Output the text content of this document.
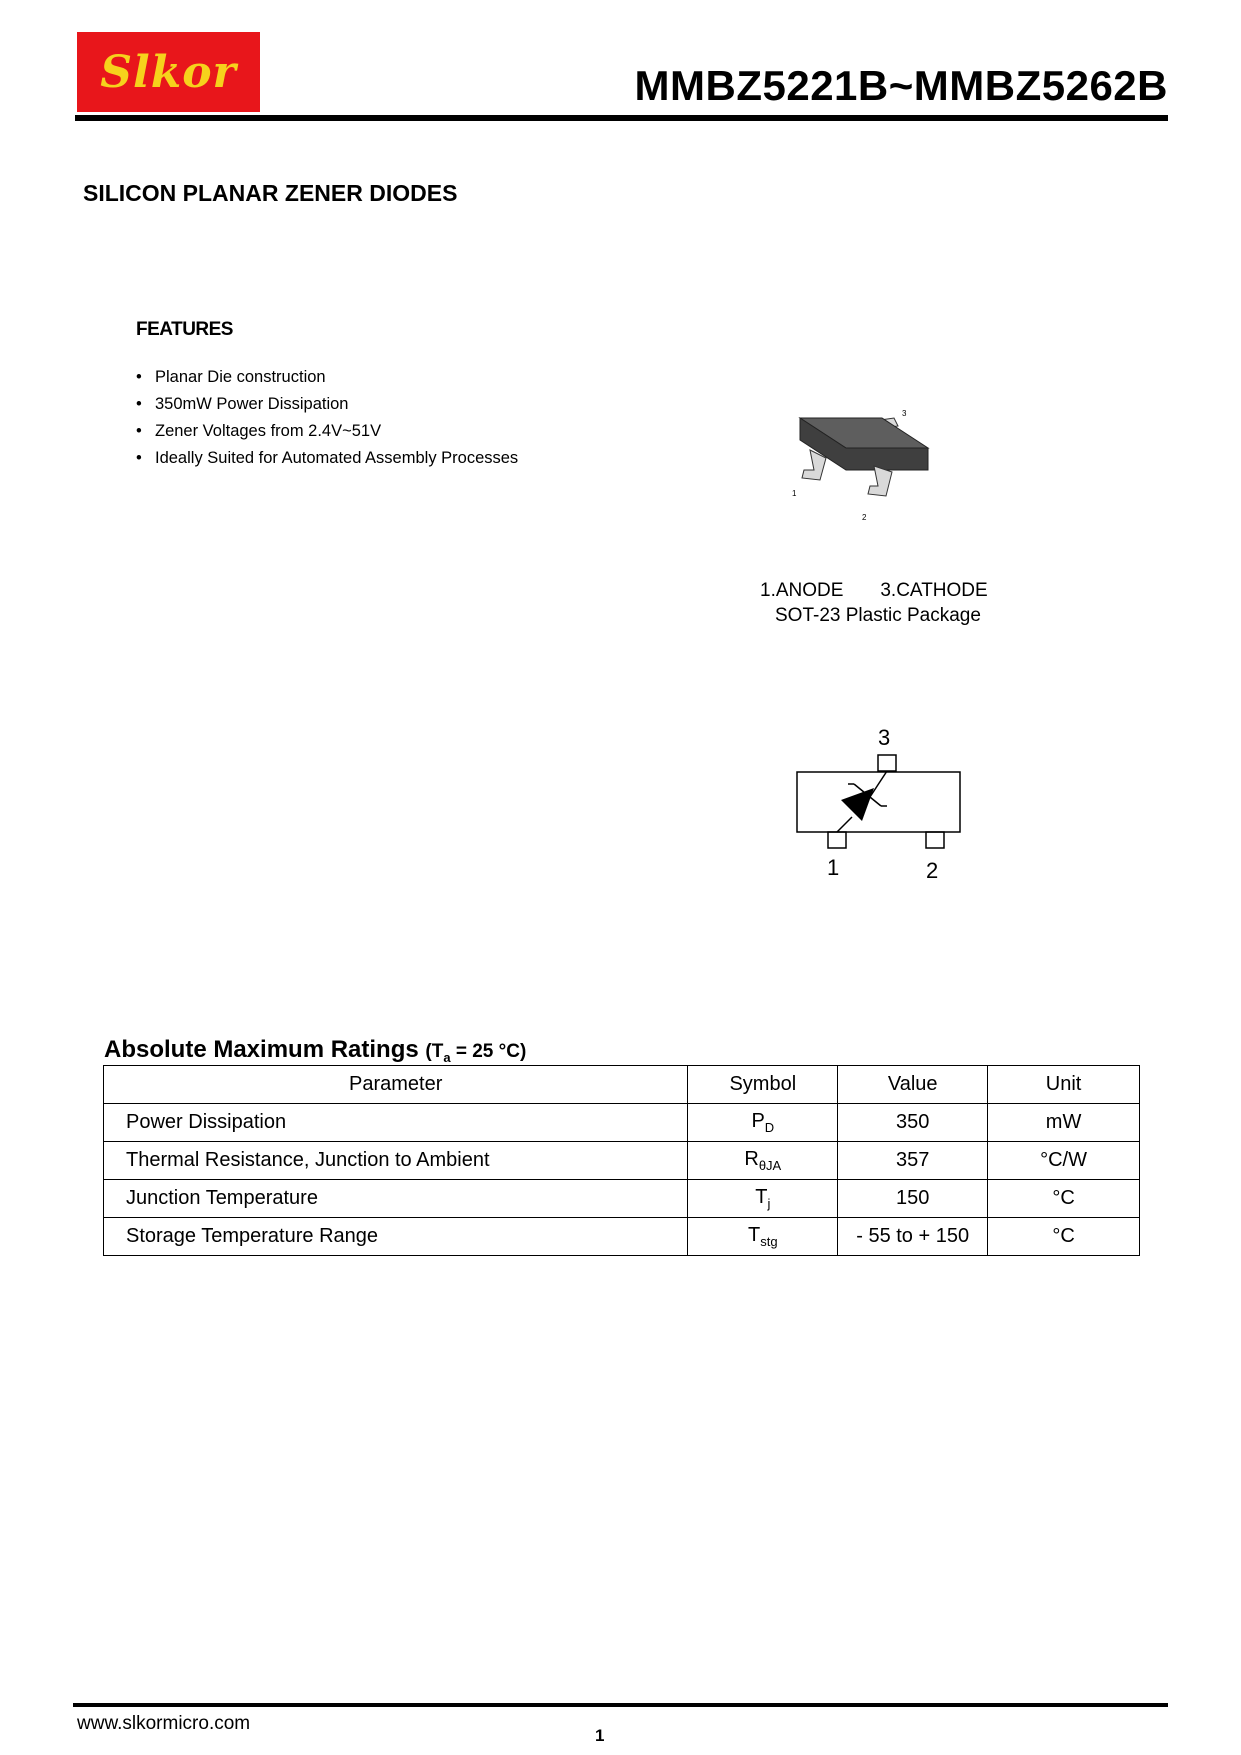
Slkor	MMBZ5221B~MMBZ5262B
SILICON PLANAR ZENER DIODES
FEATURES
• Planar Die construction
• 350mW Power Dissipation
• Zener Voltages from 2.4V~51V
• Ideally Suited for Automated Assembly Processes
3
1
2
1.ANODE       3.CATHODE
SOT-23 Plastic Package
3
1	2
Absolute Maximum Ratings ($T_a = 25$ °C)
Parameter	Symbol	Value	Unit
Power Dissipation	$P_D$	350	mW
Thermal Resistance, Junction to Ambient	$R_{\theta JA}$	357	°C/W
Junction Temperature	$T_j$	150	°C
Storage Temperature Range	$T_{stg}$	- 55 to + 150	°C
www.slkormicro.com
1
